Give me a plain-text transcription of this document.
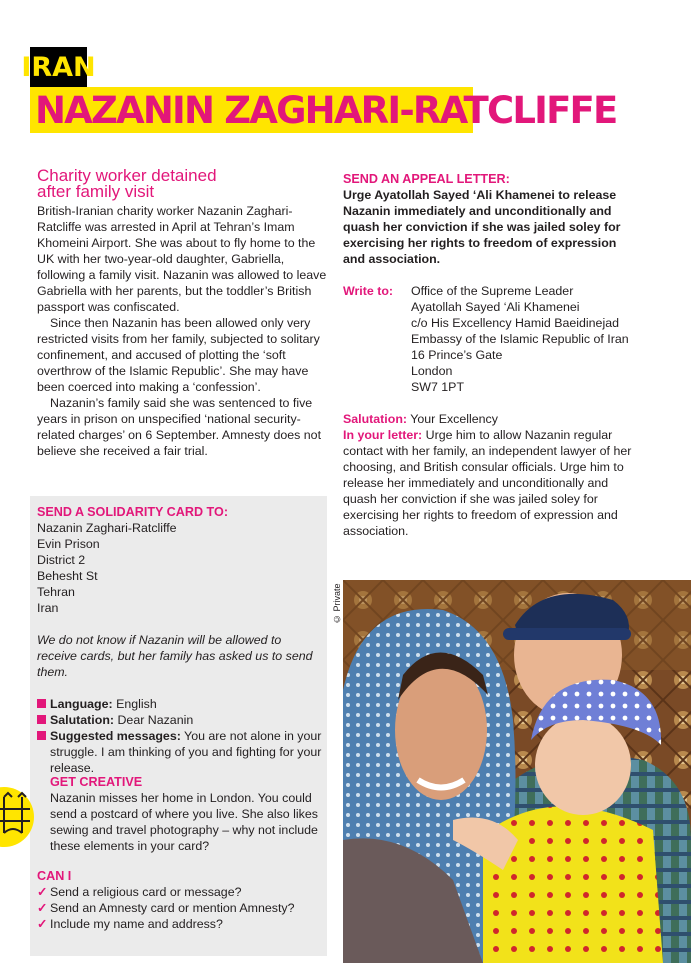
IRAN
NAZANIN ZAGHARI-RATCLIFFE
Charity worker detained
after family visit

British-Iranian charity worker Nazanin Zaghari-Ratcliffe was arrested in April at Tehran’s Imam Khomeini Airport. She was about to fly home to the UK with her two-year-old daughter, Gabriella, following a family visit. Nazanin was allowed to leave Gabriella with her parents, but the toddler’s British passport was confiscated.

Since then Nazanin has been allowed only very restricted visits from her family, subjected to solitary confinement, and accused of plotting the ‘soft overthrow of the Islamic Republic’. She may have been coerced into making a ‘confession’.

Nazanin’s family said she was sentenced to five years in prison on unspecified ‘national security-related charges’ on 6 September. Amnesty does not believe she received a fair trial.

SEND A SOLIDARITY CARD TO:
Nazanin Zaghari-Ratcliffe
Evin Prison
District 2
Behesht St
Tehran
Iran
We do not know if Nazanin will be allowed to receive cards, but her family has asked us to send them.
Language: English
Salutation: Dear Nazanin
Suggested messages: You are not alone in your struggle. I am thinking of you and fighting for your release.
GET CREATIVE
Nazanin misses her home in London. You could send a postcard of where you live. She also likes sewing and travel photography – why not include these elements in your card?
CAN I
✓ Send a religious card or message?
✓ Send an Amnesty card or mention Amnesty?
✓ Include my name and address?
SEND AN APPEAL LETTER:
Urge Ayatollah Sayed ‘Ali Khamenei to release Nazanin immediately and unconditionally and quash her conviction if she was jailed soley for exercising her rights to freedom of expression and association.
Write to:	Office of the Supreme Leader
Ayatollah Sayed ‘Ali Khamenei
c/o His Excellency Hamid Baeidinejad
Embassy of the Islamic Republic of Iran
16 Prince’s Gate
London
SW7 1PT
Salutation: Your Excellency
In your letter: Urge him to allow Nazanin regular contact with her family, an independent lawyer of her choosing, and British consular officials. Urge him to release her immediately and unconditionally and quash her conviction if she was jailed soley for exercising her rights to freedom of expression and association.
© Private
